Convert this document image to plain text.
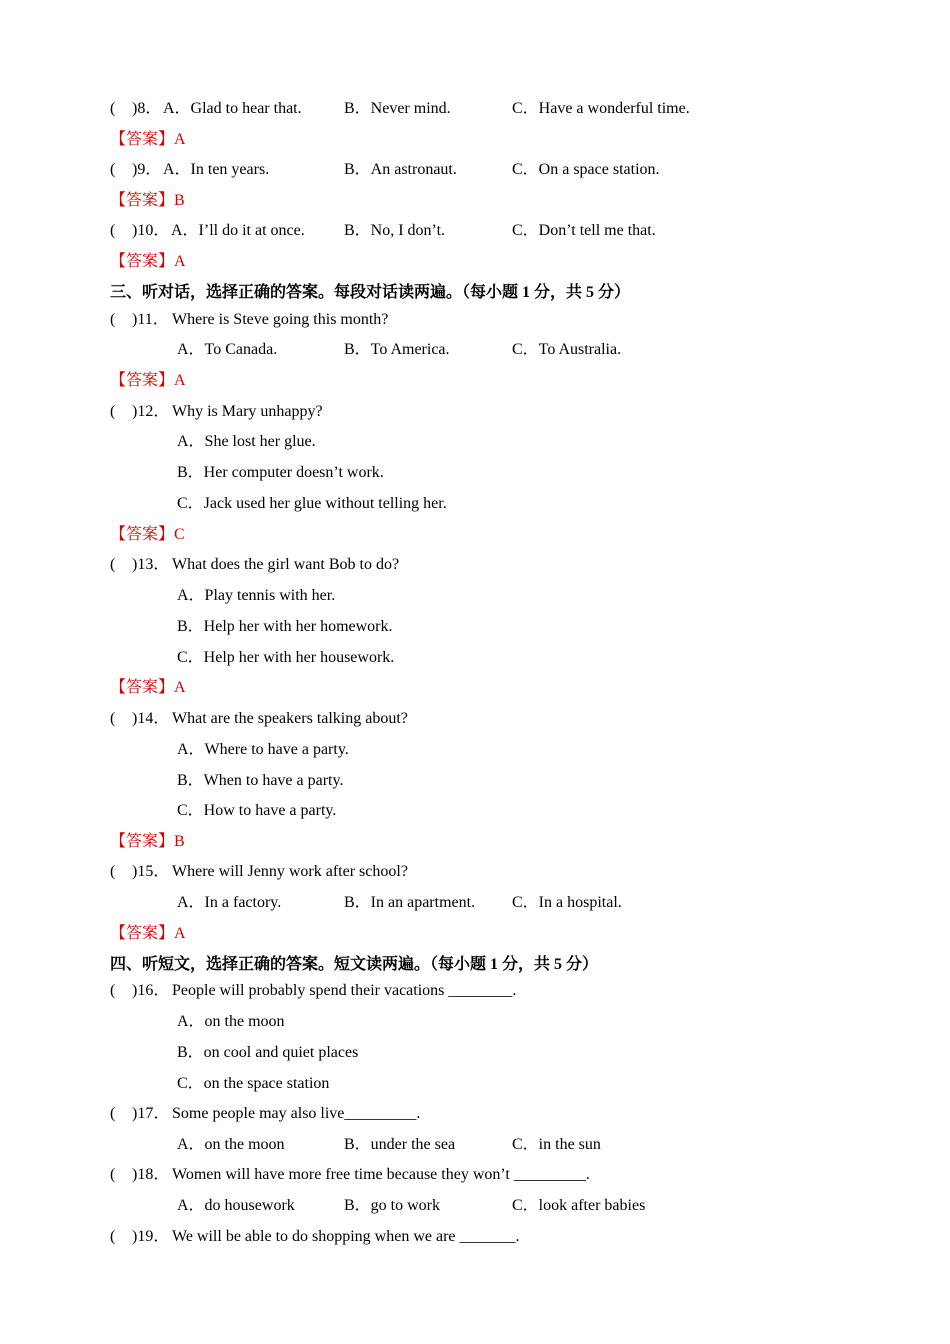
( )8． A．Glad to hear that.	B．Never mind.	C．Have a wonderful time.
【答案】A
( )9． A．In ten years.	B．An astronaut.	C．On a space station.
【答案】B
( )10． A．I’ll do it at once. B．No, I don’t.	C．Don’t tell me that.
【答案】A
三、听对话，选择正确的答案。每段对话读两遍。（每小题 1 分，共 5 分）
( )11． Where is Steve going this month?
A．To Canada.	B．To America.	C．To Australia.
【答案】A
( )12． Why is Mary unhappy?
A．She lost her glue.
B．Her computer doesn’t work.
C．Jack used her glue without telling her.
【答案】C
( )13． What does the girl want Bob to do?
A．Play tennis with her.
B．Help her with her homework.
C．Help her with her housework.
【答案】A
( )14． What are the speakers talking about?
A．Where to have a party.
B．When to have a party.
C．How to have a party.
【答案】B
( )15． Where will Jenny work after school?
A．In a factory.	B．In an apartment. C．In a hospital.
【答案】A
四、听短文，选择正确的答案。短文读两遍。（每小题 1 分，共 5 分）
( )16． People will probably spend their vacations ________.
A．on the moon
B．on cool and quiet places
C．on the space station
( )17． Some people may also live_________.
A．on the moon	B．under the sea	C．in the sun
( )18． Women will have more free time because they won’t _________.
A．do housework	B．go to work	C．look after babies
( )19． We will be able to do shopping when we are _______.
